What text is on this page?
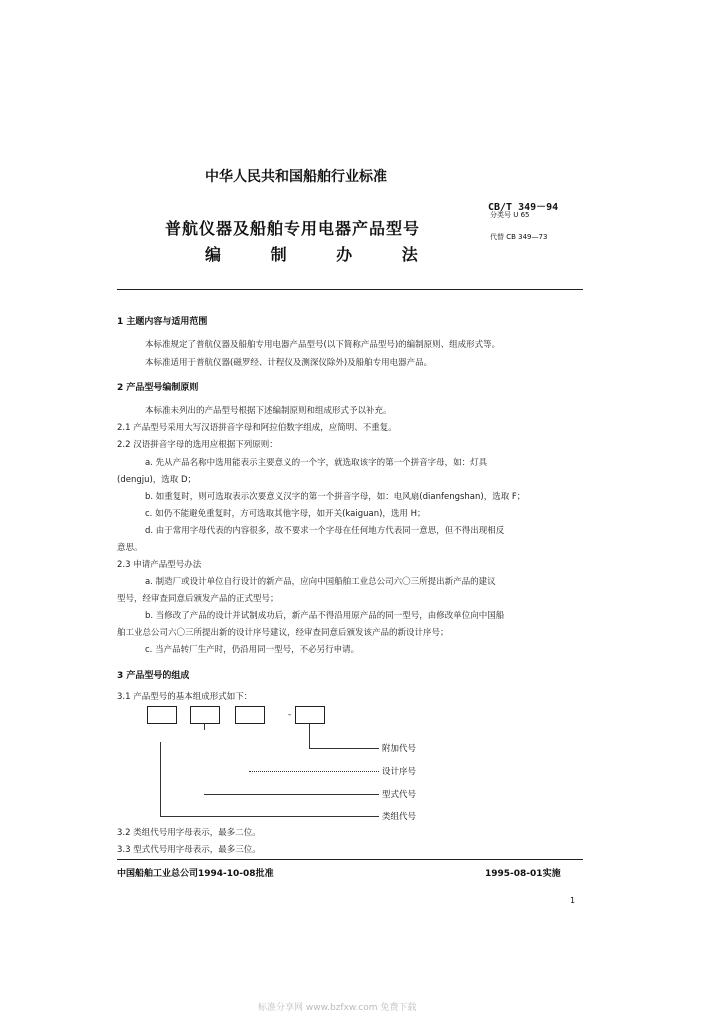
中华人民共和国船舶行业标准
普航仪器及船舶专用电器产品型号
编 制 办 法
CB/T 349－94
分类号 U 65
代替 CB 349—73
1 主题内容与适用范围
本标准规定了普航仪器及船舶专用电器产品型号(以下简称产品型号)的编制原则、组成形式等。
本标准适用于普航仪器(磁罗经、计程仪及测深仪除外)及船舶专用电器产品。
2 产品型号编制原则
本标准未列出的产品型号根据下述编制原则和组成形式予以补充。
2.1 产品型号采用大写汉语拼音字母和阿拉伯数字组成，应简明、不重复。
2.2 汉语拼音字母的选用应根据下列原则：
a. 先从产品名称中选用能表示主要意义的一个字，就选取该字的第一个拼音字母，如：灯具
(dengju)，选取 D；
b. 如重复时，则可选取表示次要意义汉字的第一个拼音字母，如：电风扇(dianfengshan)，选取 F；
c. 如仍不能避免重复时，方可选取其他字母，如开关(kaiguan)，选用 H；
d. 由于常用字母代表的内容很多，故不要求一个字母在任何地方代表同一意思，但不得出现相反
意思。
2.3 申请产品型号办法
a. 制造厂或设计单位自行设计的新产品，应向中国船舶工业总公司六〇三所提出新产品的建议
型号，经审查同意后颁发产品的正式型号；
b. 当修改了产品的设计并试制成功后，新产品不得沿用原产品的同一型号，由修改单位向中国船
舶工业总公司六〇三所提出新的设计序号建议，经审查同意后颁发该产品的新设计序号；
c. 当产品转厂生产时，仍沿用同一型号，不必另行申请。
3 产品型号的组成
3.1 产品型号的基本组成形式如下：
-
附加代号
设计序号
型式代号
类组代号
3.2 类组代号用字母表示，最多二位。
3.3 型式代号用字母表示，最多三位。
中国船舶工业总公司1994-10-08批准	1995-08-01实施
1
标准分享网 www.bzfxw.com 免费下载
